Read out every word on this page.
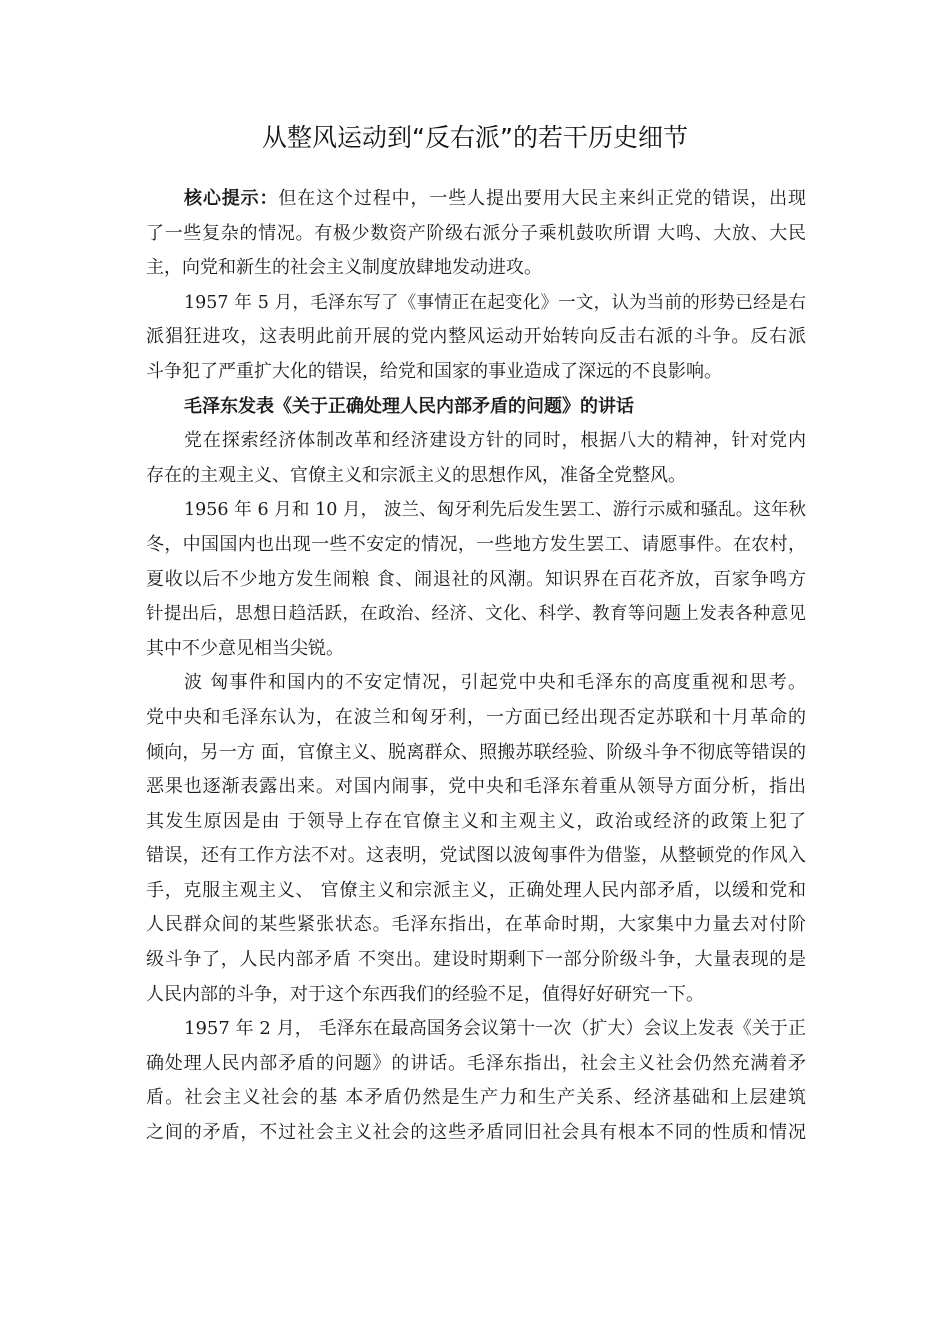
从整风运动到“反右派”的若干历史细节
核心提示：但在这个过程中，一些人提出要用大民主来纠正党的错误，出现
了一些复杂的情况。有极少数资产阶级右派分子乘机鼓吹所谓 大鸣、大放、大民
主，向党和新生的社会主义制度放肆地发动进攻。
1957 年 5 月，毛泽东写了《事情正在起变化》一文，认为当前的形势已经是右
派猖狂进攻，这表明此前开展的党内整风运动开始转向反击右派的斗争。反右派
斗争犯了严重扩大化的错误，给党和国家的事业造成了深远的不良影响。
毛泽东发表《关于正确处理人民内部矛盾的问题》的讲话
党在探索经济体制改革和经济建设方针的同时，根据八大的精神，针对党内
存在的主观主义、官僚主义和宗派主义的思想作风，准备全党整风。
1956 年 6 月和 10 月， 波兰、匈牙利先后发生罢工、游行示威和骚乱。这年秋
冬，中国国内也出现一些不安定的情况，一些地方发生罢工、请愿事件。在农村，
夏收以后不少地方发生闹粮 食、闹退社的风潮。知识界在百花齐放，百家争鸣方
针提出后，思想日趋活跃，在政治、经济、文化、科学、教育等问题上发表各种意见
其中不少意见相当尖锐。
波 匈事件和国内的不安定情况，引起党中央和毛泽东的高度重视和思考。
党中央和毛泽东认为，在波兰和匈牙利，一方面已经出现否定苏联和十月革命的
倾向，另一方 面，官僚主义、脱离群众、照搬苏联经验、阶级斗争不彻底等错误的
恶果也逐渐表露出来。对国内闹事，党中央和毛泽东着重从领导方面分析，指出
其发生原因是由 于领导上存在官僚主义和主观主义，政治或经济的政策上犯了
错误，还有工作方法不对。这表明，党试图以波匈事件为借鉴，从整顿党的作风入
手，克服主观主义、 官僚主义和宗派主义，正确处理人民内部矛盾，以缓和党和
人民群众间的某些紧张状态。毛泽东指出，在革命时期，大家集中力量去对付阶
级斗争了，人民内部矛盾 不突出。建设时期剩下一部分阶级斗争，大量表现的是
人民内部的斗争，对于这个东西我们的经验不足，值得好好研究一下。
1957 年 2 月， 毛泽东在最高国务会议第十一次（扩大）会议上发表《关于正
确处理人民内部矛盾的问题》的讲话。毛泽东指出，社会主义社会仍然充满着矛
盾。社会主义社会的基 本矛盾仍然是生产力和生产关系、经济基础和上层建筑
之间的矛盾，不过社会主义社会的这些矛盾同旧社会具有根本不同的性质和情况
